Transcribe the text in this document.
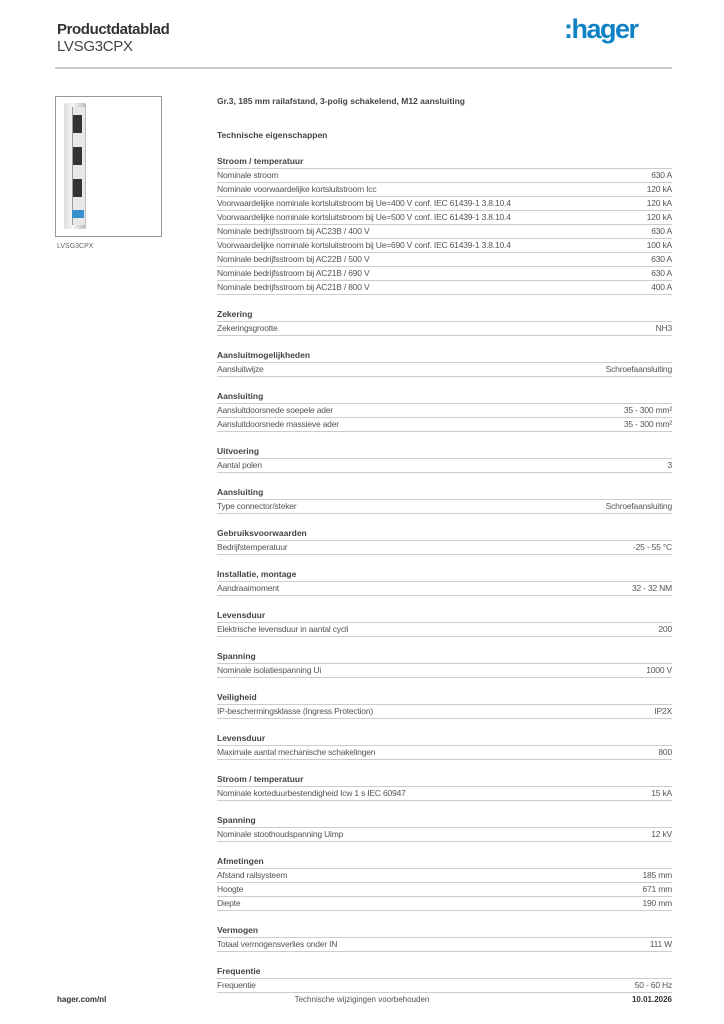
Productdatablad
LVSG3CPX
:hager
LVSG3CPX
Gr.3, 185 mm railafstand, 3-polig schakelend, M12 aansluiting
Technische eigenschappen
Stroom / temperatuur
Nominale stroom	630 A
Nominale voorwaardelijke kortsluitstroom Icc	120 kA
Voorwaardelijke nominale kortsluitstroom bij Ue=400 V conf. IEC 61439-1 3.8.10.4	120 kA
Voorwaardelijke nominale kortsluitstroom bij Ue=500 V conf. IEC 61439-1 3.8.10.4	120 kA
Nominale bedrijfsstroom bij AC23B / 400 V	630 A
Voorwaardelijke nominale kortsluitstroom bij Ue=690 V conf. IEC 61439-1 3.8.10.4	100 kA
Nominale bedrijfsstroom bij AC22B / 500 V	630 A
Nominale bedrijfsstroom bij AC21B / 690 V	630 A
Nominale bedrijfsstroom bij AC21B / 800 V	400 A
Zekering
Zekeringsgrootte	NH3
Aansluitmogelijkheden
Aansluitwijze	Schroefaansluiting
Aansluiting
Aansluitdoorsnede soepele ader	35 - 300 mm²
Aansluitdoorsnede massieve ader	35 - 300 mm²
Uitvoering
Aantal polen	3
Aansluiting
Type connector/steker	Schroefaansluiting
Gebruiksvoorwaarden
Bedrijfstemperatuur	-25 - 55 °C
Installatie, montage
Aandraaimoment	32 - 32 NM
Levensduur
Elektrische levensduur in aantal cycli	200
Spanning
Nominale isolatiespanning Ui	1000 V
Veiligheid
IP-beschermingsklasse (Ingress Protection)	IP2X
Levensduur
Maximale aantal mechanische schakelingen	800
Stroom / temperatuur
Nominale korteduurbestendigheid Icw 1 s IEC 60947	15 kA
Spanning
Nominale stoothoudspanning Uimp	12 kV
Afmetingen
Afstand railsysteem	185 mm
Hoogte	671 mm
Diepte	190 mm
Vermogen
Totaal vermogensverlies onder IN	111 W
Frequentie
Frequentie	50 - 60 Hz
hager.com/nl	Technische wijzigingen voorbehouden	10.01.2026
